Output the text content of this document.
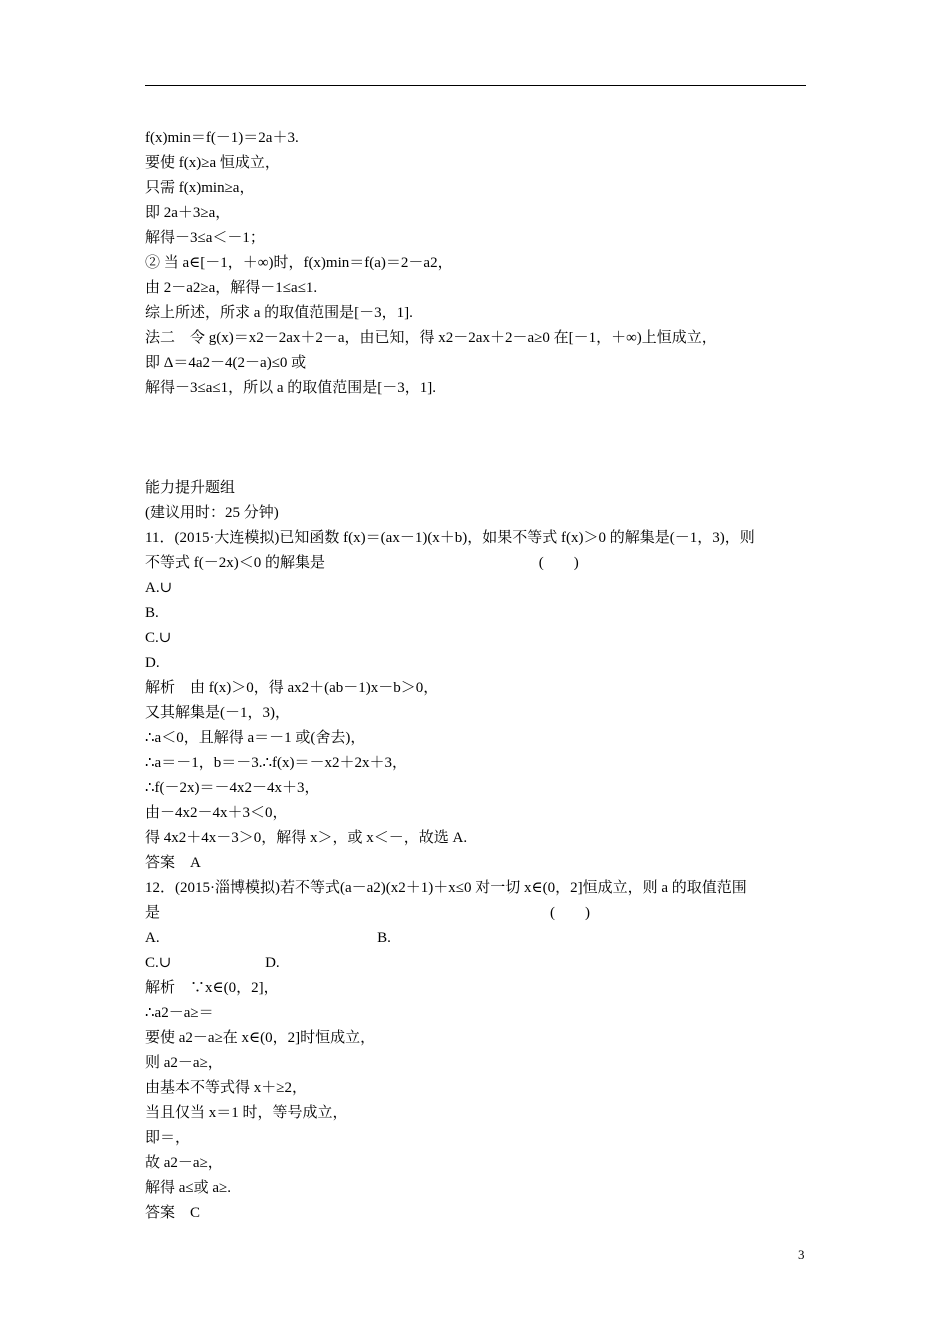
f(x)min＝f(－1)＝2a＋3.
要使 f(x)≥a 恒成立，
只需 f(x)min≥a，
即 2a＋3≥a，
解得－3≤a＜－1；
② 当 a∈[－1，＋∞)时，f(x)min＝f(a)＝2－a2，
由 2－a2≥a，解得－1≤a≤1.
综上所述，所求 a 的取值范围是[－3，1].
法二    令 g(x)＝x2－2ax＋2－a，由已知，得 x2－2ax＋2－a≥0 在[－1，＋∞)上恒成立，
即 Δ＝4a2－4(2－a)≤0 或
解得－3≤a≤1，所以 a 的取值范围是[－3，1].
能力提升题组
(建议用时：25 分钟)
11．(2015·大连模拟)已知函数 f(x)＝(ax－1)(x＋b)，如果不等式 f(x)＞0 的解集是(－1，3)，则
不等式 f(－2x)＜0 的解集是                                                         (        )
A.∪
B.
C.∪
D.
解析    由 f(x)＞0，得 ax2＋(ab－1)x－b＞0，
又其解集是(－1，3)，
∴a＜0，且解得 a＝－1 或(舍去)，
∴a＝－1，b＝－3.∴f(x)＝－x2＋2x＋3，
∴f(－2x)＝－4x2－4x＋3，
由－4x2－4x＋3＜0，
得 4x2＋4x－3＞0，解得 x＞，或 x＜－，故选 A.
答案    A
12．(2015·淄博模拟)若不等式(a－a2)(x2＋1)＋x≤0 对一切 x∈(0，2]恒成立，则 a 的取值范围
是                                                                                                        (        )
A.                                                          B.
C.∪                         D.
解析    ∵x∈(0，2]，
∴a2－a≥＝
要使 a2－a≥在 x∈(0，2]时恒成立，
则 a2－a≥，
由基本不等式得 x＋≥2，
当且仅当 x＝1 时，等号成立，
即＝，
故 a2－a≥，
解得 a≤或 a≥.
答案    C
3
